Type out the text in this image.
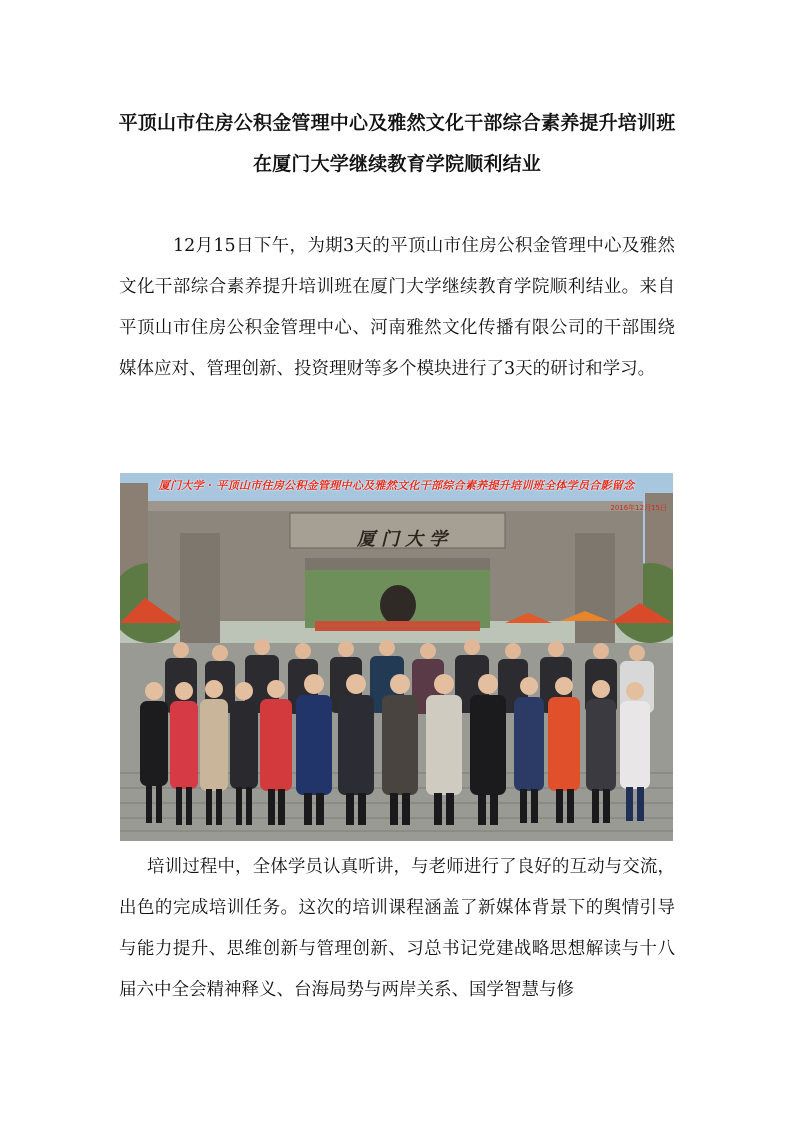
平顶山市住房公积金管理中心及雅然文化干部综合素养提升培训班
在厦门大学继续教育学院顺利结业
12月15日下午，为期3天的平顶山市住房公积金管理中心及雅然文化干部综合素养提升培训班在厦门大学继续教育学院顺利结业。来自平顶山市住房公积金管理中心、河南雅然文化传播有限公司的干部围绕媒体应对、管理创新、投资理财等多个模块进行了3天的研讨和学习。
厦门大学 · 平顶山市住房公积金管理中心及雅然文化干部综合素养提升培训班全体学员合影留念
2016年12月15日
厦门大学
培训过程中，全体学员认真听讲，与老师进行了良好的互动与交流，出色的完成培训任务。这次的培训课程涵盖了新媒体背景下的舆情引导与能力提升、思维创新与管理创新、习总书记党建战略思想解读与十八届六中全会精神释义、台海局势与两岸关系、国学智慧与修
